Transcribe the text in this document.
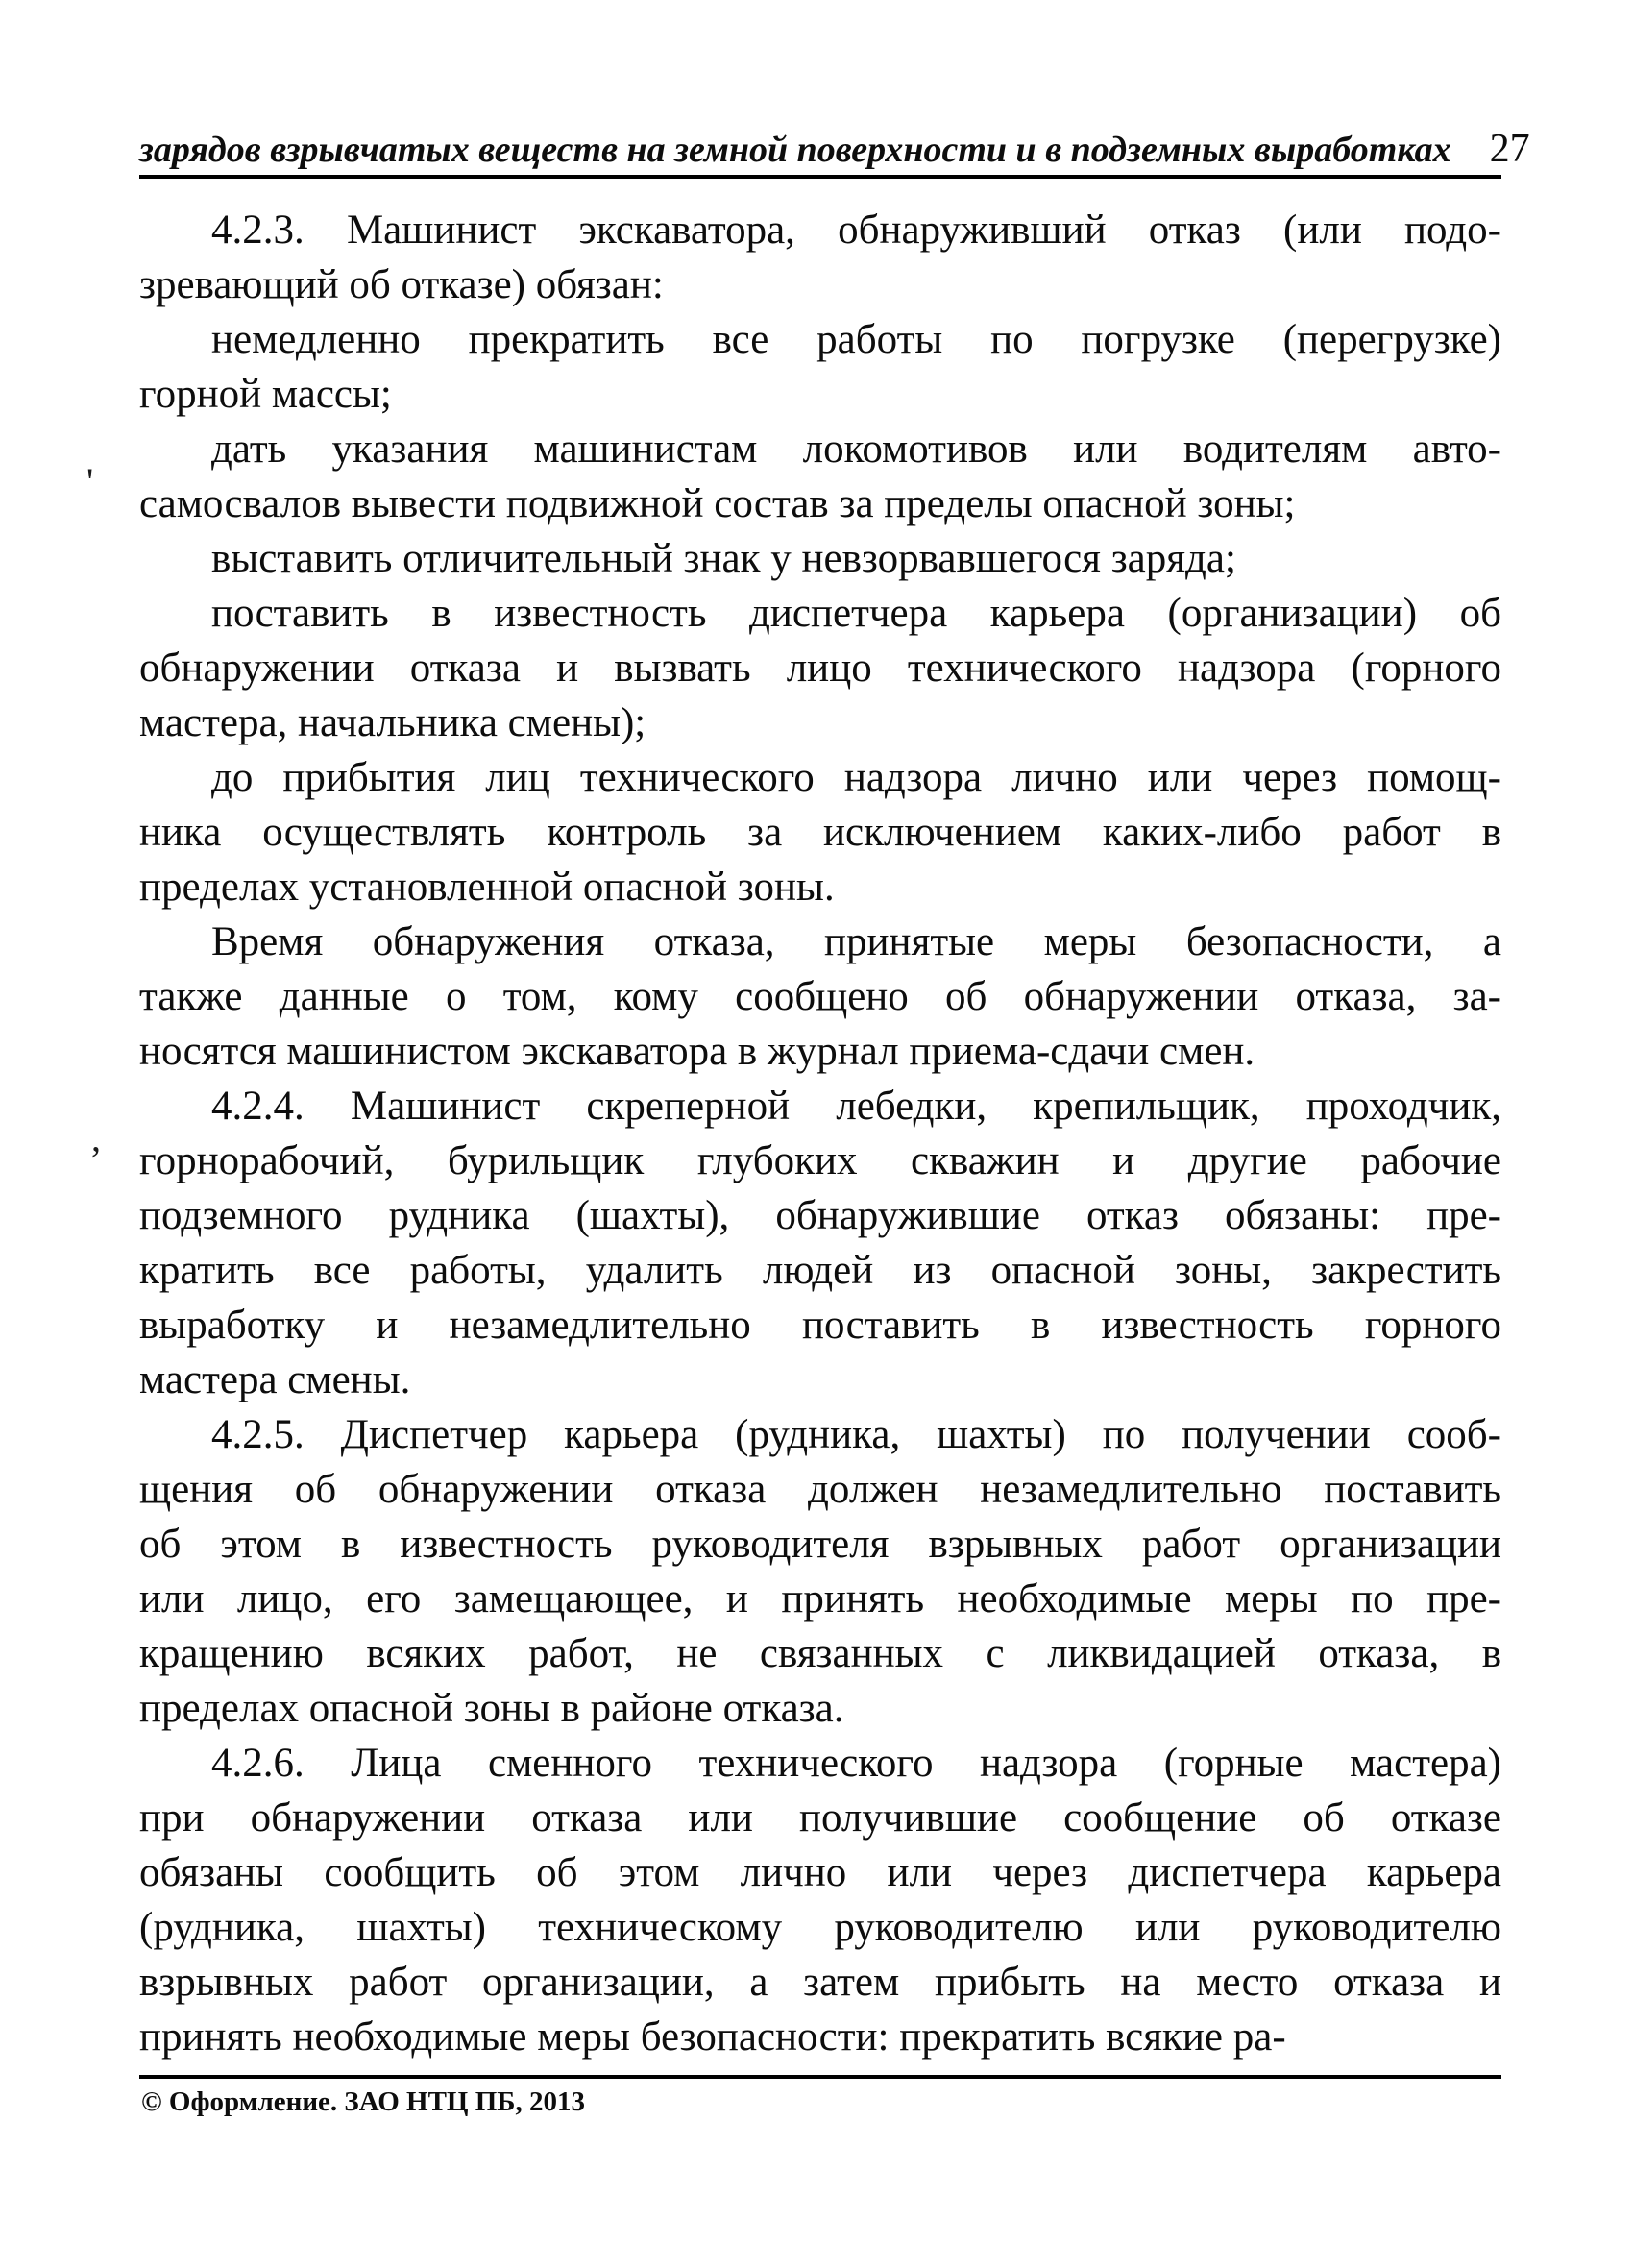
зарядов взрывчатых веществ на земной поверхности и в подземных выработках 27
4.2.3. Машинист экскаватора, обнаруживший отказ (или подо-
зревающий об отказе) обязан:
немедленно прекратить все работы по погрузке (перегрузке)
горной массы;
дать указания машинистам локомотивов или водителям авто-
самосвалов вывести подвижной состав за пределы опасной зоны;
выставить отличительный знак у невзорвавшегося заряда;
поставить в известность диспетчера карьера (организации) об
обнаружении отказа и вызвать лицо технического надзора (горного
мастера, начальника смены);
до прибытия лиц технического надзора лично или через помощ-
ника осуществлять контроль за исключением каких-либо работ в
пределах установленной опасной зоны.
Время обнаружения отказа, принятые меры безопасности, а
также данные о том, кому сообщено об обнаружении отказа, за-
носятся машинистом экскаватора в журнал приема-сдачи смен.
4.2.4. Машинист скреперной лебедки, крепильщик, проходчик,
горнорабочий, бурильщик глубоких скважин и другие рабочие
подземного рудника (шахты), обнаружившие отказ обязаны: пре-
кратить все работы, удалить людей из опасной зоны, закрестить
выработку и незамедлительно поставить в известность горного
мастера смены.
4.2.5. Диспетчер карьера (рудника, шахты) по получении сооб-
щения об обнаружении отказа должен незамедлительно поставить
об этом в известность руководителя взрывных работ организации
или лицо, его замещающее, и принять необходимые меры по пре-
кращению всяких работ, не связанных с ликвидацией отказа, в
пределах опасной зоны в районе отказа.
4.2.6. Лица сменного технического надзора (горные мастера)
при обнаружении отказа или получившие сообщение об отказе
обязаны сообщить об этом лично или через диспетчера карьера
(рудника, шахты) техническому руководителю или руководителю
взрывных работ организации, а затем прибыть на место отказа и
принять необходимые меры безопасности: прекратить всякие ра-
© Оформление. ЗАО НТЦ ПБ, 2013
'
,
